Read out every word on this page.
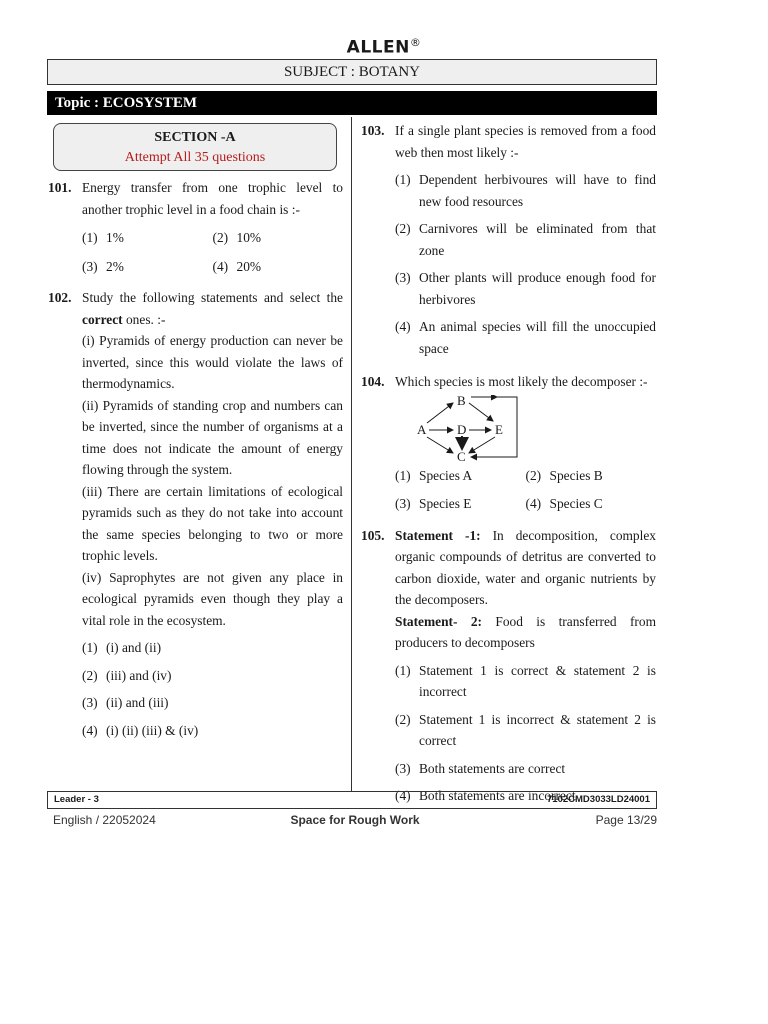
ALLEN®
SUBJECT : BOTANY
Topic : ECOSYSTEM
SECTION -A
Attempt All 35 questions
101. Energy transfer from one trophic level to another trophic level in a food chain is :-
(1) 1%	(2) 10%
(3) 2%	(4) 20%
102. Study the following statements and select the correct ones. :-
(i) Pyramids of energy production can never be inverted, since this would violate the laws of thermodynamics.
(ii) Pyramids of standing crop and numbers can be inverted, since the number of organisms at a time does not indicate the amount of energy flowing through the system.
(iii) There are certain limitations of ecological pyramids such as they do not take into account the same species belonging to two or more trophic levels.
(iv) Saprophytes are not given any place in ecological pyramids even though they play a vital role in the ecosystem.
(1) (i) and (ii)
(2) (iii) and (iv)
(3) (ii) and (iii)
(4) (i) (ii) (iii) & (iv)
103. If a single plant species is removed from a food web then most likely :-
(1) Dependent herbivoures will have to find new food resources
(2) Carnivores will be eliminated from that zone
(3) Other plants will produce enough food for herbivores
(4) An animal species will fill the unoccupied space
104. Which species is most likely the decomposer :-
B
A D E
C
(1) Species A	(2) Species B
(3) Species E	(4) Species C
105. Statement -1: In decomposition, complex organic compounds of detritus are converted to carbon dioxide, water and organic nutrients by the decomposers.
Statement- 2: Food is transferred from producers to decomposers
(1) Statement 1 is correct & statement 2 is incorrect
(2) Statement 1 is incorrect & statement 2 is correct
(3) Both statements are correct
(4) Both statements are incorrect
Leader - 3	7102CMD3033LD24001
English / 22052024	Space for Rough Work	Page 13/29
